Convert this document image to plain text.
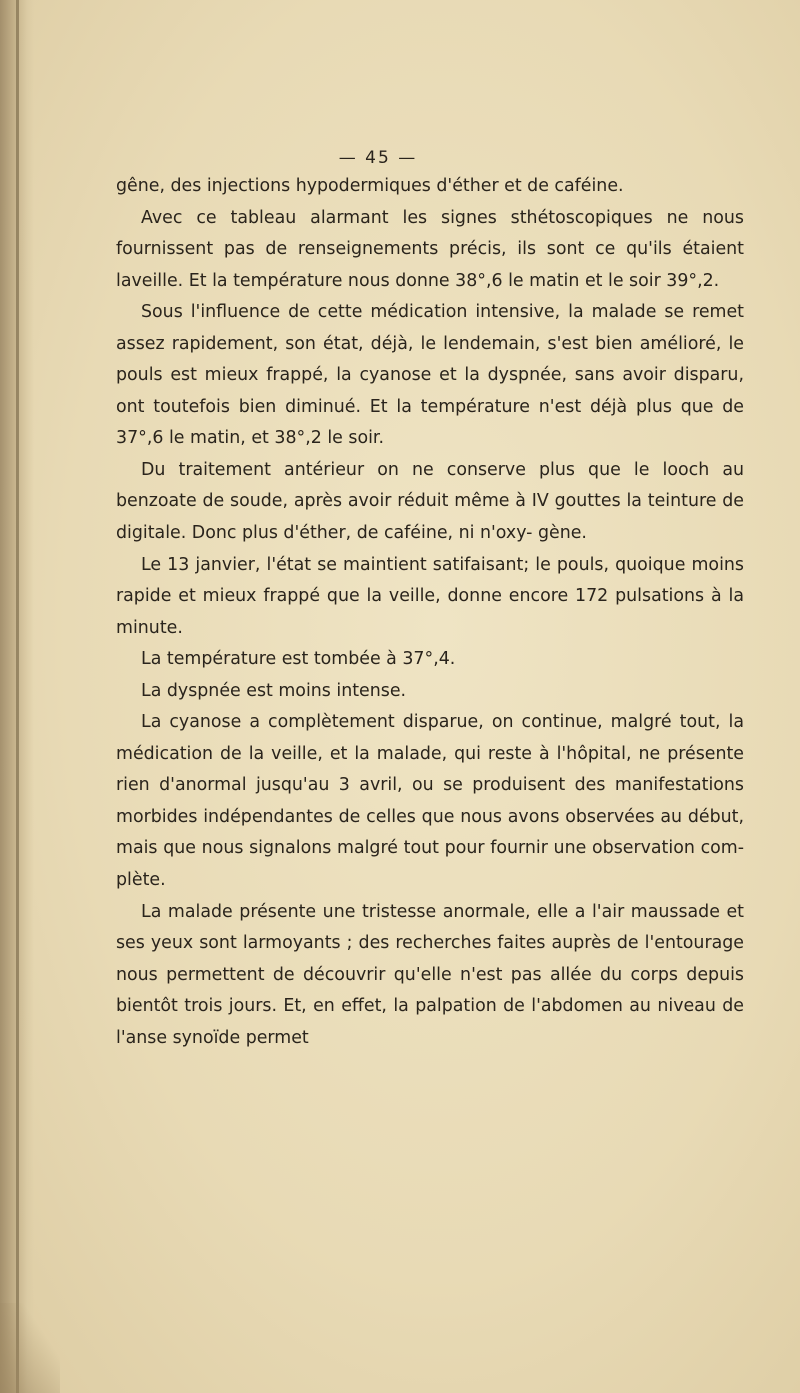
— 45 —

gêne, des injections hypodermiques d'éther et de caféine.

Avec ce tableau alarmant les signes sthétoscopiques ne nous fournissent pas de renseignements précis, ils sont ce qu'ils étaient laveille. Et la température nous donne 38°,6 le matin et le soir 39°,2.

Sous l'influence de cette médication intensive, la malade se remet assez rapidement, son état, déjà, le lendemain, s'est bien amélioré, le pouls est mieux frappé, la cyanose et la dyspnée, sans avoir disparu, ont toutefois bien diminué. Et la température n'est déjà plus que de 37°,6 le matin, et 38°,2 le soir.

Du traitement antérieur on ne conserve plus que le looch au benzoate de soude, après avoir réduit même à IV gouttes la teinture de digitale. Donc plus d'éther, de caféine, ni n'oxy- gène.

Le 13 janvier, l'état se maintient satifaisant; le pouls, quoique moins rapide et mieux frappé que la veille, donne encore 172 pulsations à la minute.

La température est tombée à 37°,4.

La dyspnée est moins intense.

La cyanose a complètement disparue, on continue, malgré tout, la médication de la veille, et la malade, qui reste à l'hôpital, ne présente rien d'anormal jusqu'au 3 avril, ou se produisent des manifestations morbides indépendantes de celles que nous avons observées au début, mais que nous signalons malgré tout pour fournir une observation com- plète.

La malade présente une tristesse anormale, elle a l'air maussade et ses yeux sont larmoyants ; des recherches faites auprès de l'entourage nous permettent de découvrir qu'elle n'est pas allée du corps depuis bientôt trois jours. Et, en effet, la palpation de l'abdomen au niveau de l'anse synoïde permet
